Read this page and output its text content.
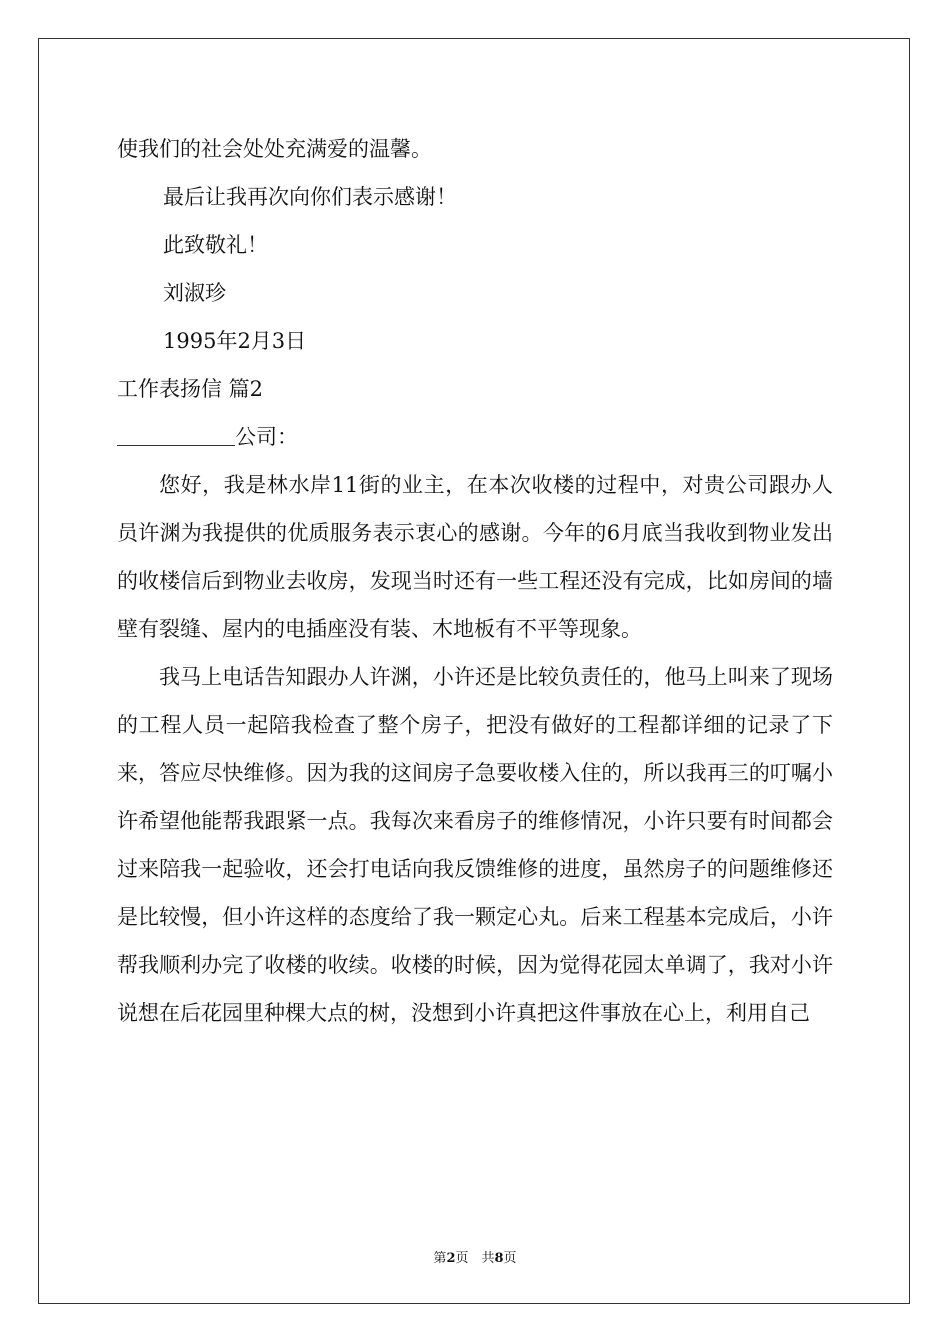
使我们的社会处处充满爱的温馨。
最后让我再次向你们表示感谢！
此致敬礼！
刘淑珍
1995年2月3日
工作表扬信 篇2
公司：
您好，我是林水岸11街的业主，在本次收楼的过程中，对贵公司跟办人员许渊为我提供的优质服务表示衷心的感谢。今年的6月底当我收到物业发出的收楼信后到物业去收房，发现当时还有一些工程还没有完成，比如房间的墙壁有裂缝、屋内的电插座没有装、木地板有不平等现象。
我马上电话告知跟办人许渊，小许还是比较负责任的，他马上叫来了现场的工程人员一起陪我检查了整个房子，把没有做好的工程都详细的记录了下来，答应尽快维修。因为我的这间房子急要收楼入住的，所以我再三的叮嘱小许希望他能帮我跟紧一点。我每次来看房子的维修情况，小许只要有时间都会过来陪我一起验收，还会打电话向我反馈维修的进度，虽然房子的问题维修还是比较慢，但小许这样的态度给了我一颗定心丸。后来工程基本完成后，小许帮我顺利办完了收楼的收续。收楼的时候，因为觉得花园太单调了，我对小许说想在后花园里种棵大点的树，没想到小许真把这件事放在心上，利用自己
第2页　共8页
